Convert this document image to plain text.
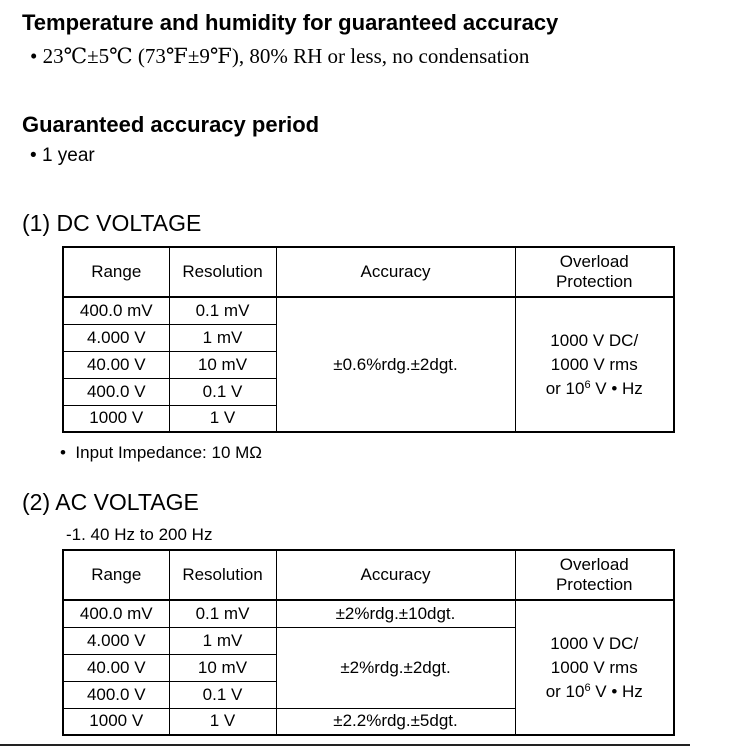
Temperature and humidity for guaranteed accuracy
• 23℃±5℃ (73℉±9℉), 80% RH or less, no condensation
Guaranteed accuracy period
• 1 year
(1) DC VOLTAGE
Range	Resolution	Accuracy	Overload
Protection

400.0 mV	0.1 mV	±0.6%rdg.±2dgt.	1000 V DC/
1000 V rms
or $10^6$ V • Hz

4.000 V	1 mV		
40.00 V	10 mV		
400.0 V	0.1 V		
1000 V	1 V		
•  Input Impedance: 10 MΩ
(2) AC VOLTAGE
-1. 40 Hz to 200 Hz
Range	Resolution	Accuracy	Overload
Protection

400.0 mV	0.1 mV	±2%rdg.±10dgt.	1000 V DC/
1000 V rms
or $10^6$ V • Hz

4.000 V	1 mV	±2%rdg.±2dgt.	
40.00 V	10 mV		
400.0 V	0.1 V		
1000 V	1 V	±2.2%rdg.±5dgt.	
